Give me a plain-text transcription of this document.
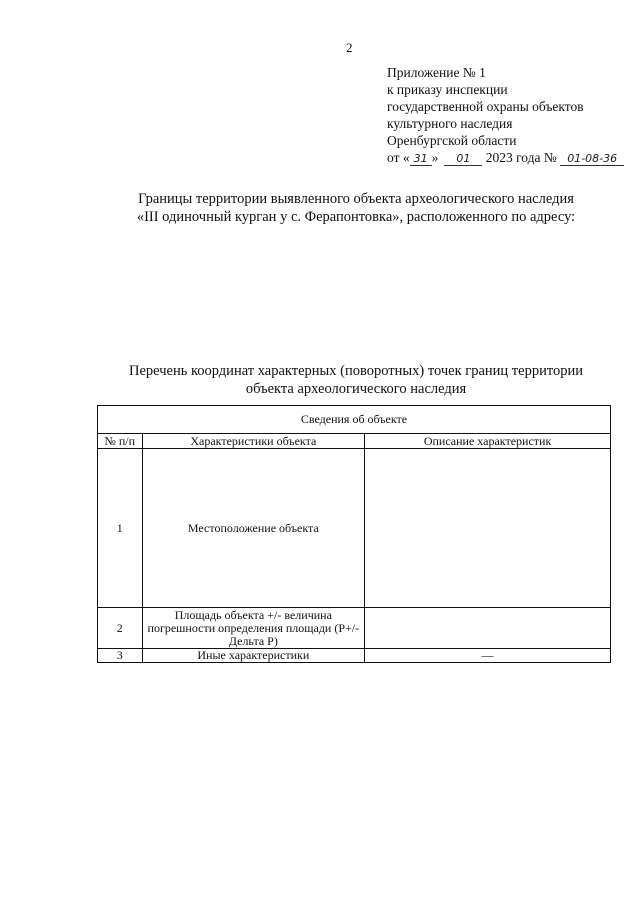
2
Приложение № 1
к приказу инспекции
государственной охраны объектов
культурного наследия
Оренбургской области
от « 31 » 01 2023 года № 01-08-36
Границы территории выявленного объекта археологического наследия
«III одиночный курган у с. Ферапонтовка», расположенного по адресу:
Перечень координат характерных (поворотных) точек границ территории
объекта археологического наследия
Сведения об объекте		
№ п/п	Характеристики объекта	Описание характеристик
1	Местоположение объекта	
2	Площадь объекта +/- величина погрешности определения площади (Р+/- Дельта Р)	
3	Иные характеристики	—
